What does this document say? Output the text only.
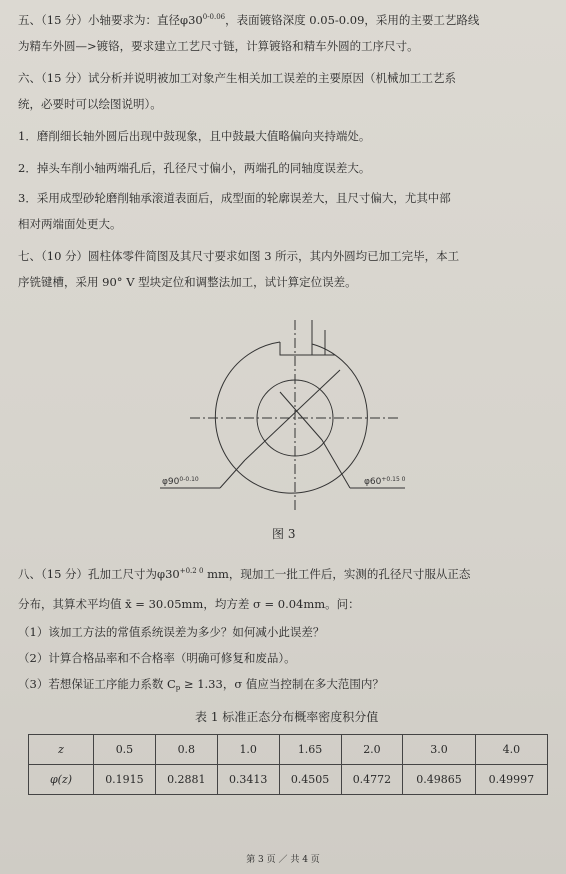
五、（15 分）小轴要求为：直径$\varphi 30^{0-0.06}$，表面镀铬深度 0.05-0.09，采用的主要工艺路线
为精车外圆—>镀铬，要求建立工艺尺寸链，计算镀铬和精车外圆的工序尺寸。
六、（15 分）试分析并说明被加工对象产生相关加工误差的主要原因（机械加工工艺系
统，必要时可以绘图说明）。
1．磨削细长轴外圆后出现中鼓现象，且中鼓最大值略偏向夹持端处。
2．掉头车削小轴两端孔后，孔径尺寸偏小，两端孔的同轴度误差大。
3．采用成型砂轮磨削轴承滚道表面后，成型面的轮廓误差大，且尺寸偏大，尤其中部
相对两端面处更大。
七、（10 分）圆柱体零件简图及其尺寸要求如图 3 所示，其内外圆均已加工完毕，本工
序铣键槽，采用 90° V 型块定位和调整法加工，试计算定位误差。
$\varphi 90^{0-0.10}$	$\varphi 60^{+0.15 0}$
图 3
八、（15 分）孔加工尺寸为$\varphi 30^{+0.2 0}$ mm，现加工一批工件后，实测的孔径尺寸服从正态
分布，其算术平均值 x̄ = 30.05mm，均方差 σ = 0.04mm。问：
（1）该加工方法的常值系统误差为多少？如何减小此误差？
（2）计算合格品率和不合格率（明确可修复和废品）。
（3）若想保证工序能力系数 Cp ≥ 1.33，σ 值应当控制在多大范围内？
表 1 标准正态分布概率密度积分值
z	0.5	0.8	1.0	1.65	2.0	3.0	4.0
φ(z)	0.1915	0.2881	0.3413	0.4505	0.4772	0.49865	0.49997
第 3 页 ／ 共 4 页
